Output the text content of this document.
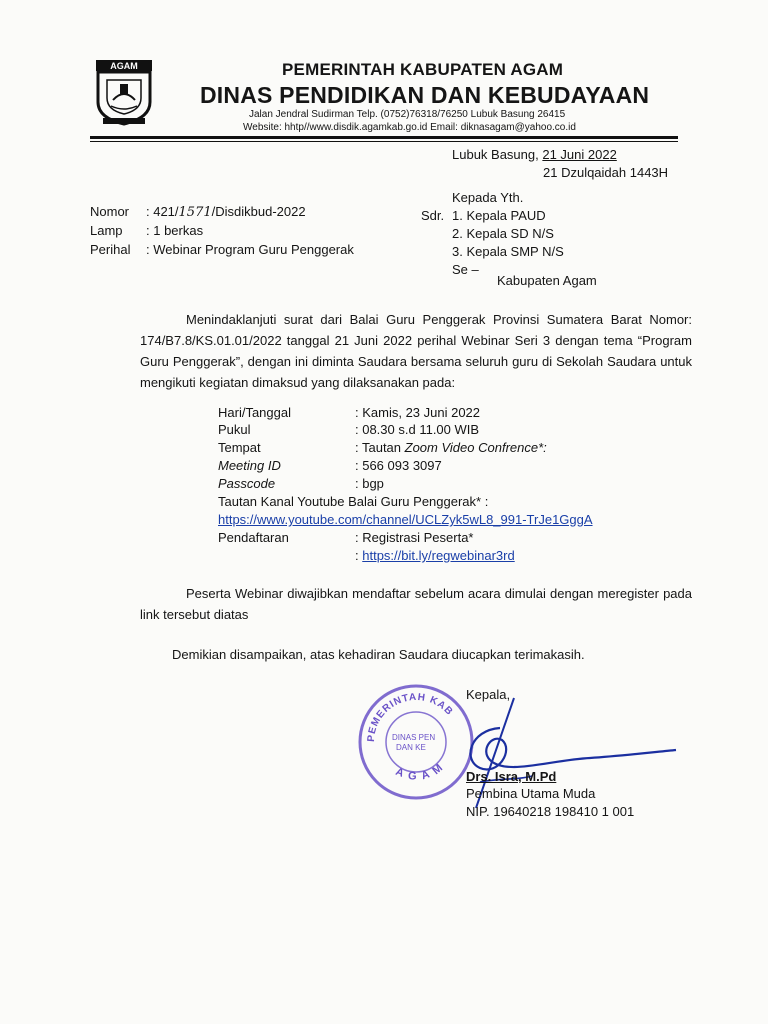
AGAM	PEMERINTAH KABUPATEN AGAM
DINAS PENDIDIKAN DAN KEBUDAYAAN
Jalan Jendral Sudirman Telp. (0752)76318/76250 Lubuk Basung 26415
Website: hhtp//www.disdik.agamkab.go.id Email: diknasagam@yahoo.co.id
Lubuk Basung, 21 Juni 2022
21 Dzulqaidah 1443H
Nomor : 421/1571/Disdikbud-2022
Lamp : 1 berkas
Perihal : Webinar Program Guru Penggerak
Kepada Yth.
Sdr. 1. Kepala PAUD
2. Kepala SD N/S
3. Kepala SMP N/S
Se –
Kabupaten Agam
Menindaklanjuti surat dari Balai Guru Penggerak Provinsi Sumatera Barat Nomor: 174/B7.8/KS.01.01/2022 tanggal 21 Juni 2022 perihal Webinar Seri 3 dengan tema “Program Guru Penggerak”, dengan ini diminta Saudara bersama seluruh guru di Sekolah Saudara untuk mengikuti kegiatan dimaksud yang dilaksanakan pada:
Hari/Tanggal	: Kamis, 23 Juni 2022
Pukul	: 08.30 s.d 11.00 WIB
Tempat	: Tautan Zoom Video Confrence*:
Meeting ID	: 566 093 3097
Passcode	: bgp
Tautan Kanal Youtube Balai Guru Penggerak* :
https://www.youtube.com/channel/UCLZyk5wL8_991-TrJe1GggA
Pendaftaran	: Registrasi Peserta*
: https://bit.ly/regwebinar3rd
Peserta Webinar diwajibkan mendaftar sebelum acara dimulai dengan meregister pada link tersebut diatas
Demikian disampaikan, atas kehadiran Saudara diucapkan terimakasih.
PEMERINTAH KAB
DINAS PEN
DAN KE
AGAM
Kepala,
Drs. Isra, M.Pd
Pembina Utama Muda
NIP. 19640218 198410 1 001
